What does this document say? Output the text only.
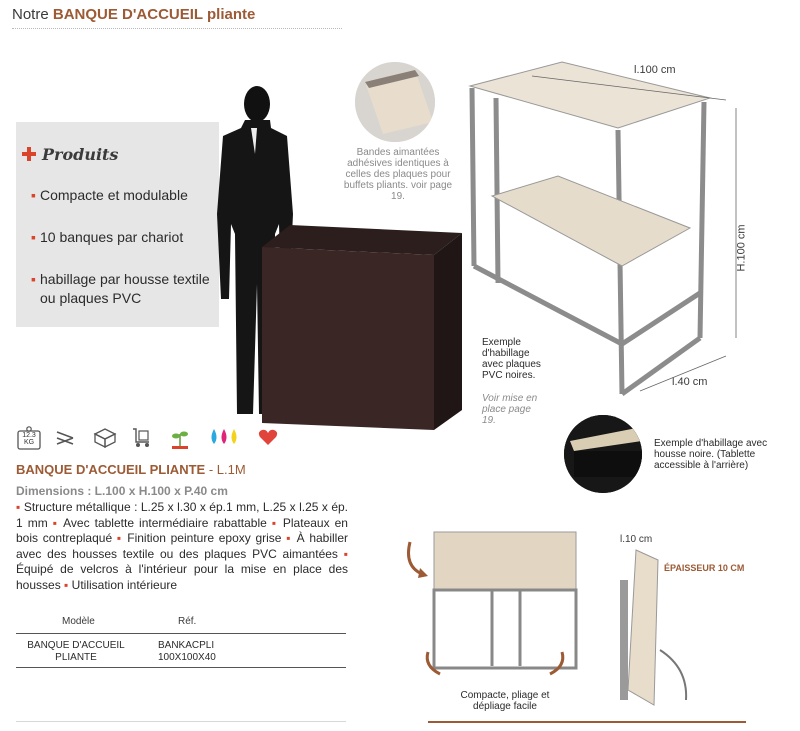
Notre BANQUE D'ACCUEIL pliante
Produits
▪ Compacte et modulable
▪ 10 banques par chariot
▪ habillage par housse textile ou plaques PVC
Bandes aimantées adhésives identiques à celles des plaques pour buffets pliants. voir page 19.
l.100 cm
H.100 cm
l.40 cm
Exemple d'habillage avec plaques PVC noires.
Voir mise en place page 19.
Exemple d'habillage avec housse noire. (Tablette accessible à l'arrière)
12.3 KG
BANQUE D'ACCUEIL PLIANTE - L.1M
Dimensions : L.100 x H.100 x P.40 cm
▪ Structure métallique : L.25 x l.30 x ép.1 mm, L.25 x l.25 x ép. 1 mm ▪ Avec tablette intermédiaire rabattable ▪ Plateaux en bois contreplaqué ▪ Finition peinture epoxy grise ▪ À habiller avec des housses textile ou des plaques PVC aimantées ▪ Équipé de velcros à l'intérieur pour la mise en place des housses ▪ Utilisation intérieure
Modèle	Réf.
BANQUE D'ACCUEIL PLIANTE
BANKACPLI 100X100X40
Compacte, pliage et dépliage facile
l.10 cm
ÉPAISSEUR 10 CM
